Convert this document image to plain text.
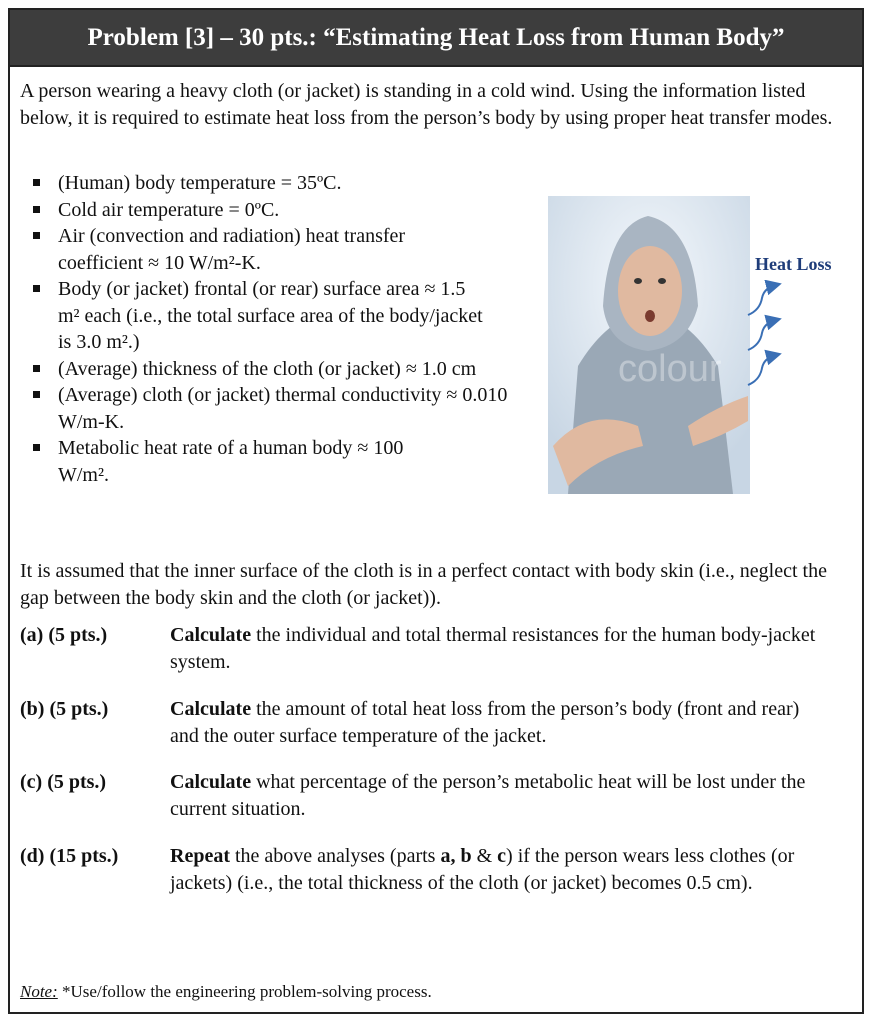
Problem [3] – 30 pts.: “Estimating Heat Loss from Human Body”
A person wearing a heavy cloth (or jacket) is standing in a cold wind. Using the information listed below, it is required to estimate heat loss from the person’s body by using proper heat transfer modes.
(Human) body temperature = 35ºC.
Cold air temperature = 0ºC.
Air (convection and radiation) heat transfer coefficient ≈ 10 W/m²-K.
Body (or jacket) frontal (or rear) surface area ≈ 1.5 m² each (i.e., the total surface area of the body/jacket is 3.0 m².)
(Average) thickness of the cloth (or jacket) ≈ 1.0 cm
(Average) cloth (or jacket) thermal conductivity ≈ 0.010 W/m-K.
Metabolic heat rate of a human body ≈ 100 W/m².
colour
Heat Loss
It is assumed that the inner surface of the cloth is in a perfect contact with body skin (i.e., neglect the gap between the body skin and the cloth (or jacket)).
(a) (5 pts.)	Calculate the individual and total thermal resistances for the human body-jacket system.
(b) (5 pts.)	Calculate the amount of total heat loss from the person’s body (front and rear) and the outer surface temperature of the jacket.
(c) (5 pts.)	Calculate what percentage of the person’s metabolic heat will be lost under the current situation.
(d) (15 pts.)	Repeat the above analyses (parts a, b & c) if the person wears less clothes (or jackets) (i.e., the total thickness of the cloth (or jacket) becomes 0.5 cm).
Note: *Use/follow the engineering problem-solving process.
